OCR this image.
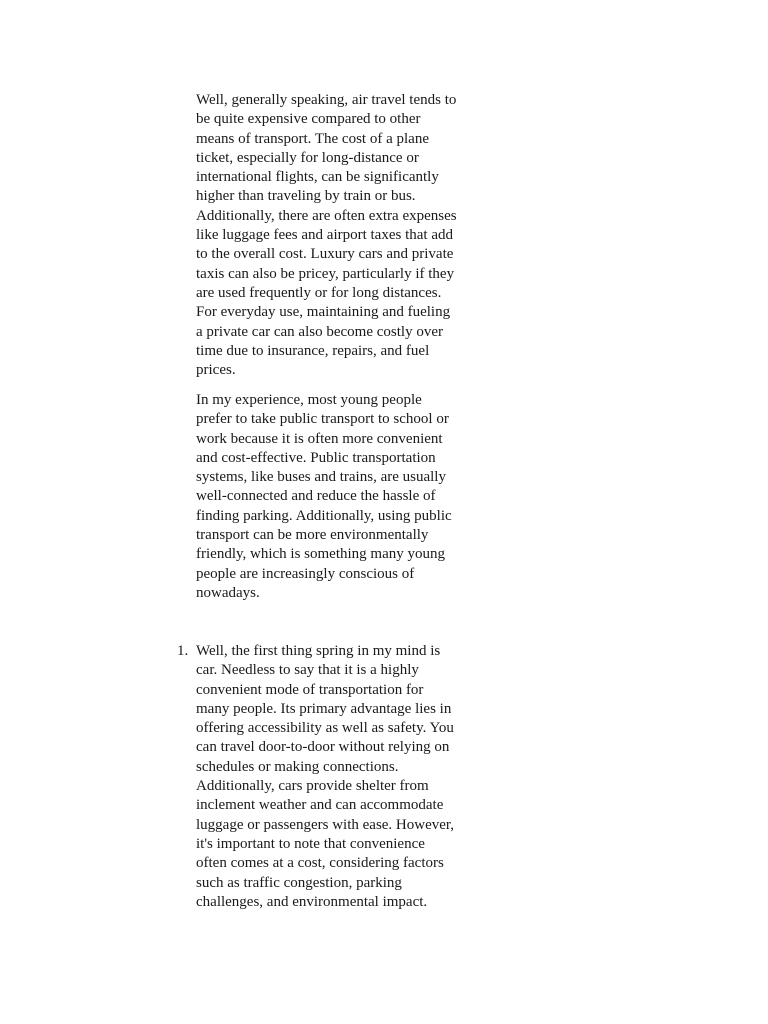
Well, generally speaking, air travel tends to be quite expensive compared to other means of transport. The cost of a plane ticket, especially for long-distance or international flights, can be significantly higher than traveling by train or bus. Additionally, there are often extra expenses like luggage fees and airport taxes that add to the overall cost. Luxury cars and private taxis can also be pricey, particularly if they are used frequently or for long distances. For everyday use, maintaining and fueling a private car can also become costly over time due to insurance, repairs, and fuel prices.

In my experience, most young people prefer to take public transport to school or work because it is often more convenient and cost-effective. Public transportation systems, like buses and trains, are usually well-connected and reduce the hassle of finding parking. Additionally, using public transport can be more environmentally friendly, which is something many young people are increasingly conscious of nowadays.

1. Well, the first thing spring in my mind is car. Needless to say that it is a highly convenient mode of transportation for many people. Its primary advantage lies in offering accessibility as well as safety. You can travel door-to-door without relying on schedules or making connections. Additionally, cars provide shelter from inclement weather and can accommodate luggage or passengers with ease. However, it's important to note that convenience often comes at a cost, considering factors such as traffic congestion, parking challenges, and environmental impact.
